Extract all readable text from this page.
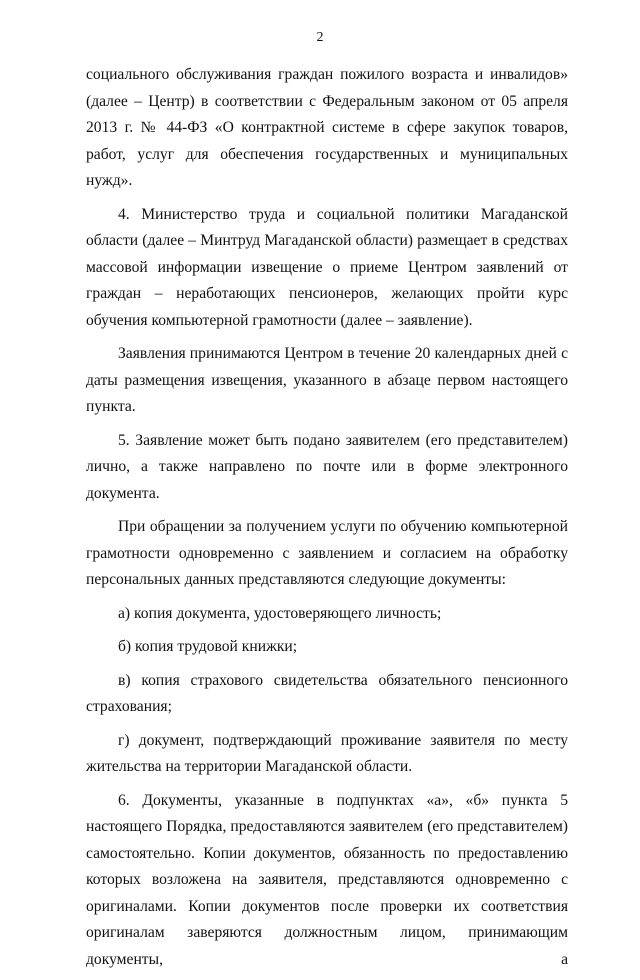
2

социального обслуживания граждан пожилого возраста и инвалидов» (далее – Центр) в соответствии с Федеральным законом от 05 апреля 2013 г. № 44-ФЗ «О контрактной системе в сфере закупок товаров, работ, услуг для обеспечения государственных и муниципальных нужд».

4. Министерство труда и социальной политики Магаданской области (далее – Минтруд Магаданской области) размещает в средствах массовой информации извещение о приеме Центром заявлений от граждан – неработающих пенсионеров, желающих пройти курс обучения компьютерной грамотности (далее – заявление).

Заявления принимаются Центром в течение 20 календарных дней с даты размещения извещения, указанного в абзаце первом настоящего пункта.

5. Заявление может быть подано заявителем (его представителем) лично, а также направлено по почте или в форме электронного документа.

При обращении за получением услуги по обучению компьютерной грамотности одновременно с заявлением и согласием на обработку персональных данных представляются следующие документы:

а) копия документа, удостоверяющего личность;

б) копия трудовой книжки;

в) копия страхового свидетельства обязательного пенсионного страхования;

г) документ, подтверждающий проживание заявителя по месту жительства на территории Магаданской области.

6. Документы, указанные в подпунктах «а», «б» пункта 5 настоящего Порядка, предоставляются заявителем (его представителем) самостоятельно. Копии документов, обязанность по предоставлению которых возложена на заявителя, представляются одновременно с оригиналами. Копии документов после проверки их соответствия оригиналам заверяются должностным лицом, принимающим документы, а
